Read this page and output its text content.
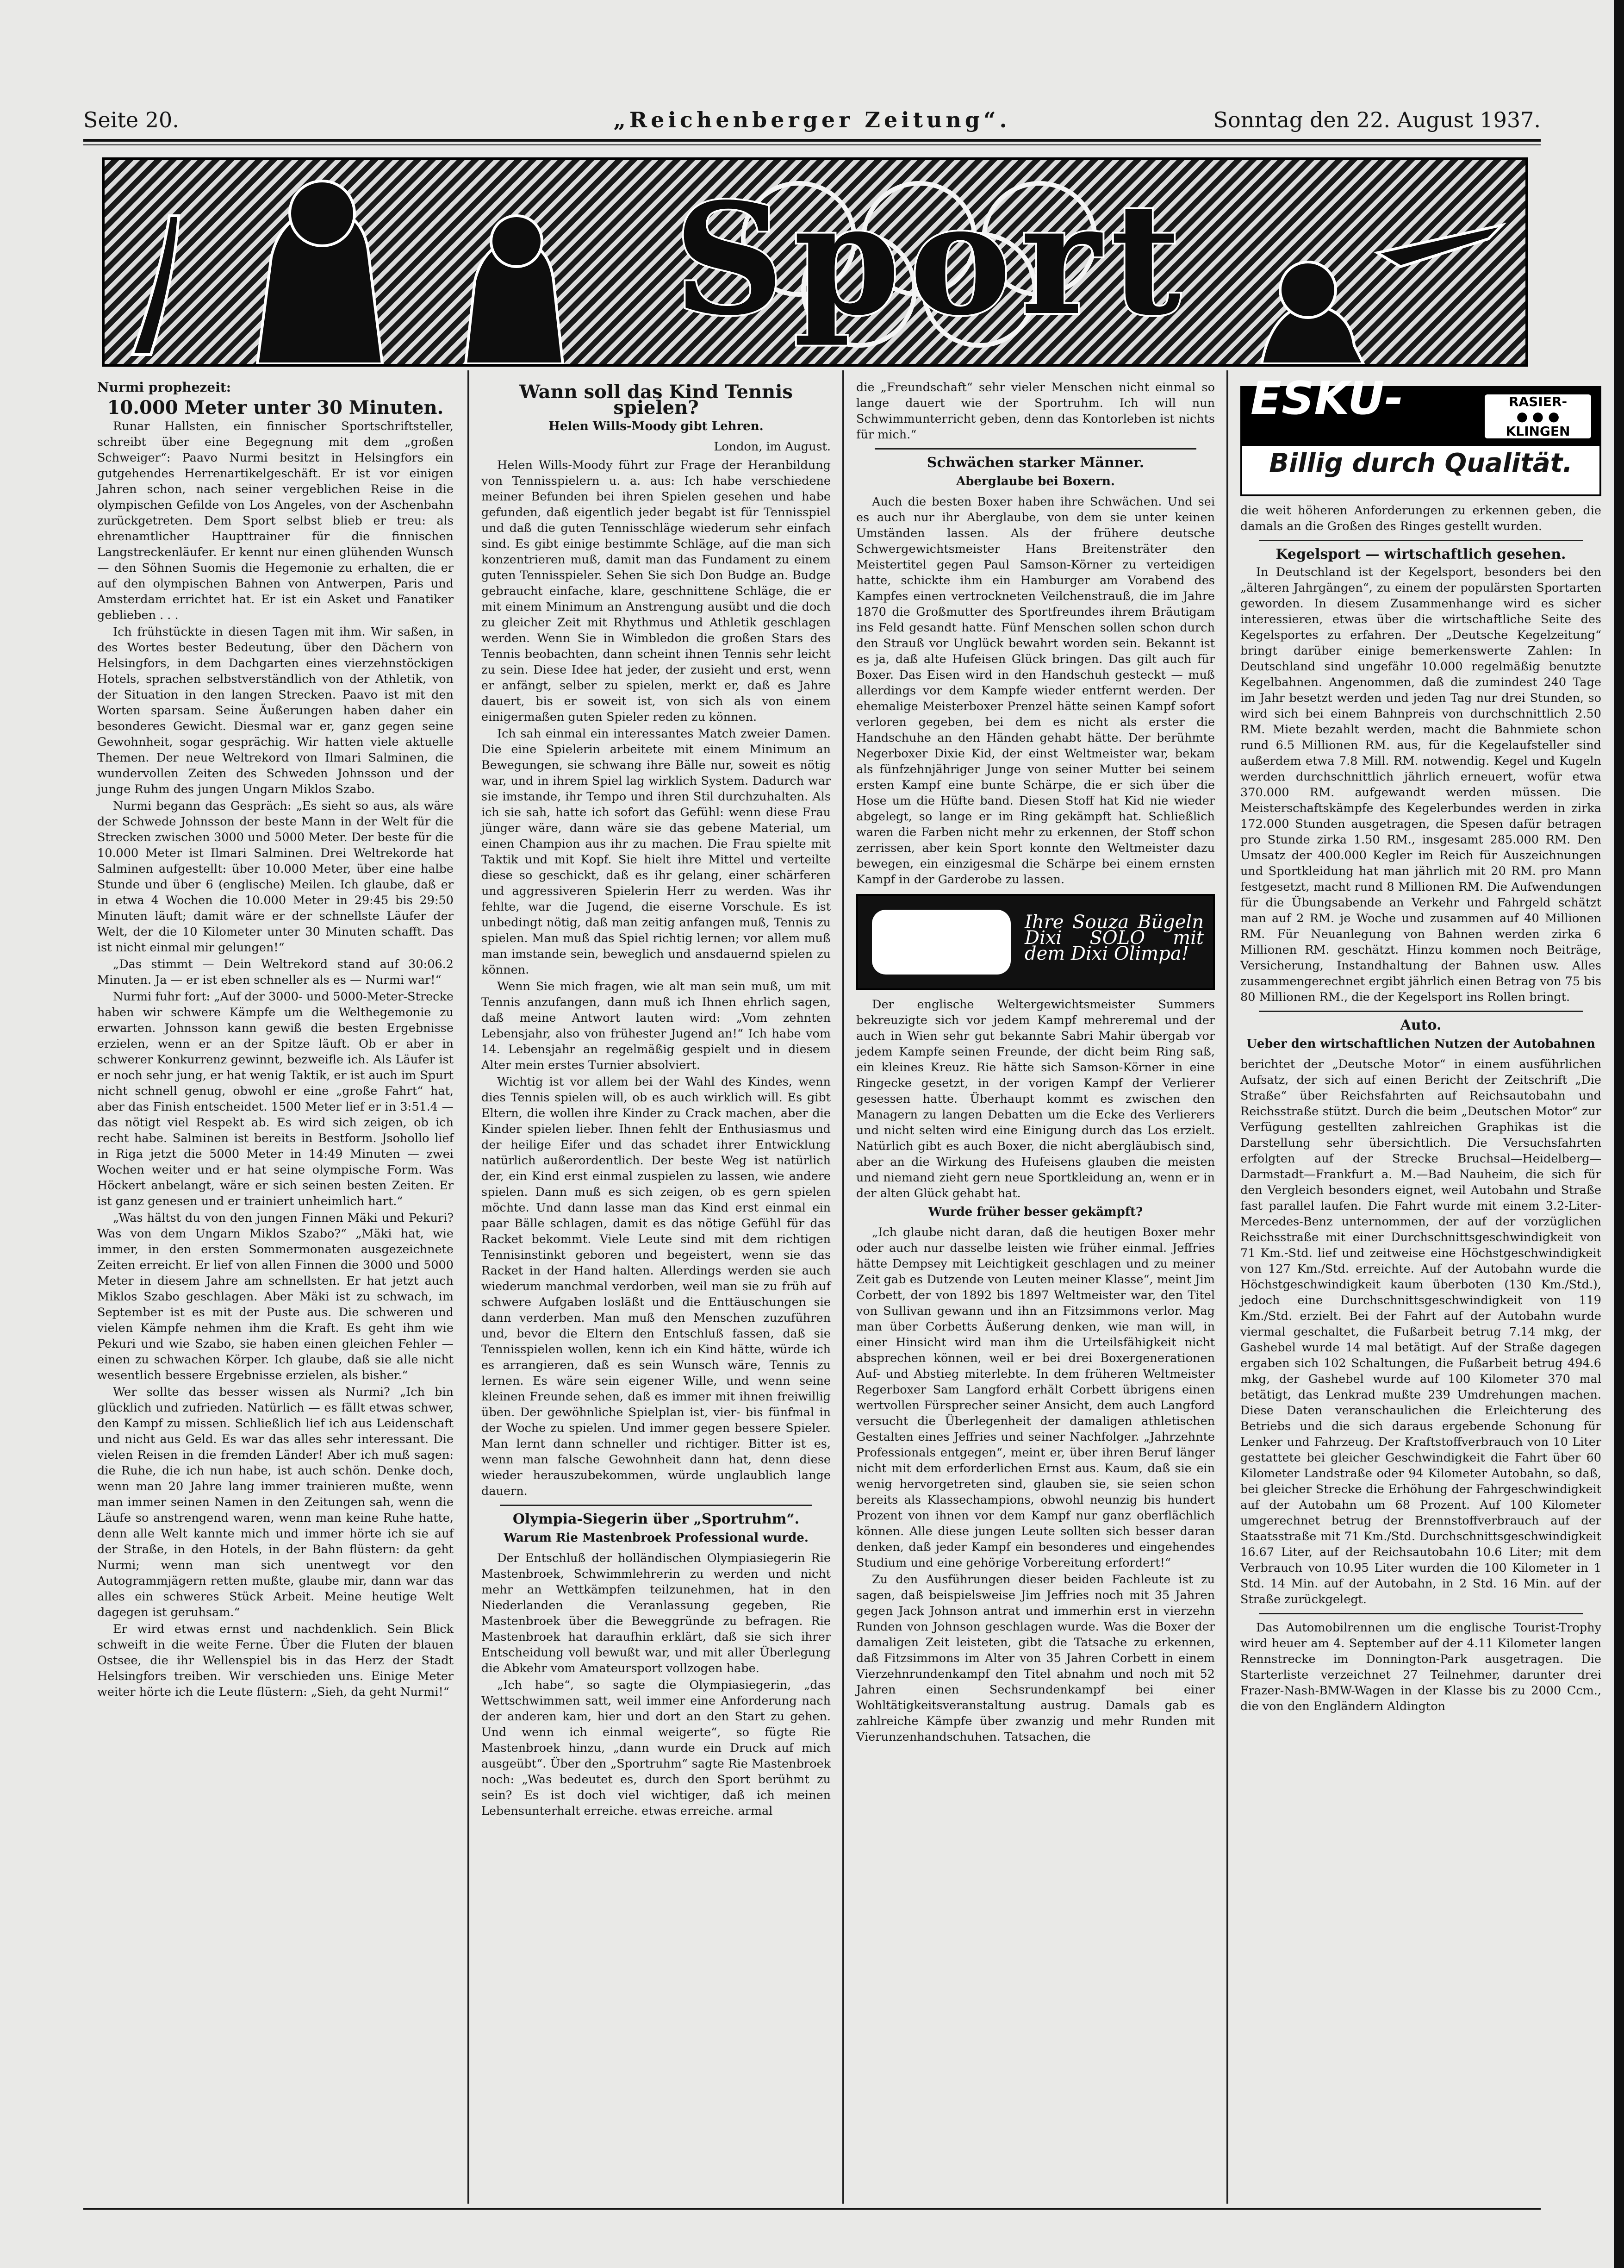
Seite 20.	„Reichenberger Zeitung“.	Sonntag den 22. August 1937.
Sport
Nurmi prophezeit:
10.000 Meter unter 30 Minuten.

Runar Hallsten, ein finnischer Sportschriftsteller, schreibt über eine Begegnung mit dem „großen Schweiger“: Paavo Nurmi besitzt in Helsingfors ein gutgehendes Herrenartikelgeschäft. Er ist vor einigen Jahren schon, nach seiner vergeblichen Reise in die olympischen Gefilde von Los Angeles, von der Aschenbahn zurückgetreten. Dem Sport selbst blieb er treu: als ehrenamtlicher Haupttrainer für die finnischen Langstreckenläufer. Er kennt nur einen glühenden Wunsch — den Söhnen Suomis die Hegemonie zu erhalten, die er auf den olympischen Bahnen von Antwerpen, Paris und Amsterdam errichtet hat. Er ist ein Asket und Fanatiker geblieben . . .

Ich frühstückte in diesen Tagen mit ihm. Wir saßen, in des Wortes bester Bedeutung, über den Dächern von Helsingfors, in dem Dachgarten eines vierzehnstöckigen Hotels, sprachen selbstverständlich von der Athletik, von der Situation in den langen Strecken. Paavo ist mit den Worten sparsam. Seine Äußerungen haben daher ein besonderes Gewicht. Diesmal war er, ganz gegen seine Gewohnheit, sogar gesprächig. Wir hatten viele aktuelle Themen. Der neue Weltrekord von Ilmari Salminen, die wundervollen Zeiten des Schweden Johnsson und der junge Ruhm des jungen Ungarn Miklos Szabo.

Nurmi begann das Gespräch: „Es sieht so aus, als wäre der Schwede Johnsson der beste Mann in der Welt für die Strecken zwischen 3000 und 5000 Meter. Der beste für die 10.000 Meter ist Ilmari Salminen. Drei Weltrekorde hat Salminen aufgestellt: über 10.000 Meter, über eine halbe Stunde und über 6 (englische) Meilen. Ich glaube, daß er in etwa 4 Wochen die 10.000 Meter in 29:45 bis 29:50 Minuten läuft; damit wäre er der schnellste Läufer der Welt, der die 10 Kilometer unter 30 Minuten schafft. Das ist nicht einmal mir gelungen!“

„Das stimmt — Dein Weltrekord stand auf 30:06.2 Minuten. Ja — er ist eben schneller als es — Nurmi war!“

Nurmi fuhr fort: „Auf der 3000- und 5000-Meter-Strecke haben wir schwere Kämpfe um die Welthegemonie zu erwarten. Johnsson kann gewiß die besten Ergebnisse erzielen, wenn er an der Spitze läuft. Ob er aber in schwerer Konkurrenz gewinnt, bezweifle ich. Als Läufer ist er noch sehr jung, er hat wenig Taktik, er ist auch im Spurt nicht schnell genug, obwohl er eine „große Fahrt“ hat, aber das Finish entscheidet. 1500 Meter lief er in 3:51.4 — das nötigt viel Respekt ab. Es wird sich zeigen, ob ich recht habe. Salminen ist bereits in Bestform. Jsohollo lief in Riga jetzt die 5000 Meter in 14:49 Minuten — zwei Wochen weiter und er hat seine olympische Form. Was Höckert anbelangt, wäre er sich seinen besten Zeiten. Er ist ganz genesen und er trainiert unheimlich hart.“

„Was hältst du von den jungen Finnen Mäki und Pekuri? Was von dem Ungarn Miklos Szabo?“ „Mäki hat, wie immer, in den ersten Sommermonaten ausgezeichnete Zeiten erreicht. Er lief von allen Finnen die 3000 und 5000 Meter in diesem Jahre am schnellsten. Er hat jetzt auch Miklos Szabo geschlagen. Aber Mäki ist zu schwach, im September ist es mit der Puste aus. Die schweren und vielen Kämpfe nehmen ihm die Kraft. Es geht ihm wie Pekuri und wie Szabo, sie haben einen gleichen Fehler — einen zu schwachen Körper. Ich glaube, daß sie alle nicht wesentlich bessere Ergebnisse erzielen, als bisher.“

Wer sollte das besser wissen als Nurmi? „Ich bin glücklich und zufrieden. Natürlich — es fällt etwas schwer, den Kampf zu missen. Schließlich lief ich aus Leidenschaft und nicht aus Geld. Es war das alles sehr interessant. Die vielen Reisen in die fremden Länder! Aber ich muß sagen: die Ruhe, die ich nun habe, ist auch schön. Denke doch, wenn man 20 Jahre lang immer trainieren mußte, wenn man immer seinen Namen in den Zeitungen sah, wenn die Läufe so anstrengend waren, wenn man keine Ruhe hatte, denn alle Welt kannte mich und immer hörte ich sie auf der Straße, in den Hotels, in der Bahn flüstern: da geht Nurmi; wenn man sich unentwegt vor den Autogrammjägern retten mußte, glaube mir, dann war das alles ein schweres Stück Arbeit. Meine heutige Welt dagegen ist geruhsam.“

Er wird etwas ernst und nachdenklich. Sein Blick schweift in die weite Ferne. Über die Fluten der blauen Ostsee, die ihr Wellenspiel bis in das Herz der Stadt Helsingfors treiben. Wir verschieden uns. Einige Meter weiter hörte ich die Leute flüstern: „Sieh, da geht Nurmi!“

Wann soll das Kind Tennis spielen?
Helen Wills-Moody gibt Lehren.
London, im August.

Helen Wills-Moody führt zur Frage der Heranbildung von Tennisspielern u. a. aus: Ich habe verschiedene meiner Befunden bei ihren Spielen gesehen und habe gefunden, daß eigentlich jeder begabt ist für Tennisspiel und daß die guten Tennisschläge wiederum sehr einfach sind. Es gibt einige bestimmte Schläge, auf die man sich konzentrieren muß, damit man das Fundament zu einem guten Tennisspieler. Sehen Sie sich Don Budge an. Budge gebraucht einfache, klare, geschnittene Schläge, die er mit einem Minimum an Anstrengung ausübt und die doch zu gleicher Zeit mit Rhythmus und Athletik geschlagen werden. Wenn Sie in Wimbledon die großen Stars des Tennis beobachten, dann scheint ihnen Tennis sehr leicht zu sein. Diese Idee hat jeder, der zusieht und erst, wenn er anfängt, selber zu spielen, merkt er, daß es Jahre dauert, bis er soweit ist, von sich als von einem einigermaßen guten Spieler reden zu können.

Ich sah einmal ein interessantes Match zweier Damen. Die eine Spielerin arbeitete mit einem Minimum an Bewegungen, sie schwang ihre Bälle nur, soweit es nötig war, und in ihrem Spiel lag wirklich System. Dadurch war sie imstande, ihr Tempo und ihren Stil durchzuhalten. Als ich sie sah, hatte ich sofort das Gefühl: wenn diese Frau jünger wäre, dann wäre sie das gebene Material, um einen Champion aus ihr zu machen. Die Frau spielte mit Taktik und mit Kopf. Sie hielt ihre Mittel und verteilte diese so geschickt, daß es ihr gelang, einer schärferen und aggressiveren Spielerin Herr zu werden. Was ihr fehlte, war die Jugend, die eiserne Vorschule. Es ist unbedingt nötig, daß man zeitig anfangen muß, Tennis zu spielen. Man muß das Spiel richtig lernen; vor allem muß man imstande sein, beweglich und ansdauernd spielen zu können.

Wenn Sie mich fragen, wie alt man sein muß, um mit Tennis anzufangen, dann muß ich Ihnen ehrlich sagen, daß meine Antwort lauten wird: „Vom zehnten Lebensjahr, also von frühester Jugend an!“ Ich habe vom 14. Lebensjahr an regelmäßig gespielt und in diesem Alter mein erstes Turnier absolviert.

Wichtig ist vor allem bei der Wahl des Kindes, wenn dies Tennis spielen will, ob es auch wirklich will. Es gibt Eltern, die wollen ihre Kinder zu Crack machen, aber die Kinder spielen lieber. Ihnen fehlt der Enthusiasmus und der heilige Eifer und das schadet ihrer Entwicklung natürlich außerordentlich. Der beste Weg ist natürlich der, ein Kind erst einmal zuspielen zu lassen, wie andere spielen. Dann muß es sich zeigen, ob es gern spielen möchte. Und dann lasse man das Kind erst einmal ein paar Bälle schlagen, damit es das nötige Gefühl für das Racket bekommt. Viele Leute sind mit dem richtigen Tennisinstinkt geboren und begeistert, wenn sie das Racket in der Hand halten. Allerdings werden sie auch wiederum manchmal verdorben, weil man sie zu früh auf schwere Aufgaben losläßt und die Enttäuschungen sie dann verderben. Man muß den Menschen zuzuführen und, bevor die Eltern den Entschluß fassen, daß sie Tennisspielen wollen, kenn ich ein Kind hätte, würde ich es arrangieren, daß es sein Wunsch wäre, Tennis zu lernen. Es wäre sein eigener Wille, und wenn seine kleinen Freunde sehen, daß es immer mit ihnen freiwillig üben. Der gewöhnliche Spielplan ist, vier- bis fünfmal in der Woche zu spielen. Und immer gegen bessere Spieler. Man lernt dann schneller und richtiger. Bitter ist es, wenn man falsche Gewohnheit dann hat, denn diese wieder herauszubekommen, würde unglaublich lange dauern.

Olympia-Siegerin über „Sportruhm“.
Warum Rie Mastenbroek Professional wurde.

Der Entschluß der holländischen Olympiasiegerin Rie Mastenbroek, Schwimmlehrerin zu werden und nicht mehr an Wettkämpfen teilzunehmen, hat in den Niederlanden die Veranlassung gegeben, Rie Mastenbroek über die Beweggründe zu befragen. Rie Mastenbroek hat daraufhin erklärt, daß sie sich ihrer Entscheidung voll bewußt war, und mit aller Überlegung die Abkehr vom Amateursport vollzogen habe.

„Ich habe“, so sagte die Olympiasiegerin, „das Wettschwimmen satt, weil immer eine Anforderung nach der anderen kam, hier und dort an den Start zu gehen. Und wenn ich einmal weigerte“, so fügte Rie Mastenbroek hinzu, „dann wurde ein Druck auf mich ausgeübt“. Über den „Sportruhm“ sagte Rie Mastenbroek noch: „Was bedeutet es, durch den Sport berühmt zu sein? Es ist doch viel wichtiger, daß ich meinen Lebensunterhalt erreiche. etwas erreiche. armal

die „Freundschaft“ sehr vieler Menschen nicht einmal so lange dauert wie der Sportruhm. Ich will nun Schwimmunterricht geben, denn das Kontorleben ist nichts für mich.“

Schwächen starker Männer.
Aberglaube bei Boxern.

Auch die besten Boxer haben ihre Schwächen. Und sei es auch nur ihr Aberglaube, von dem sie unter keinen Umständen lassen. Als der frühere deutsche Schwergewichtsmeister Hans Breitensträter den Meistertitel gegen Paul Samson-Körner zu verteidigen hatte, schickte ihm ein Hamburger am Vorabend des Kampfes einen vertrockneten Veilchenstrauß, die im Jahre 1870 die Großmutter des Sportfreundes ihrem Bräutigam ins Feld gesandt hatte. Fünf Menschen sollen schon durch den Strauß vor Unglück bewahrt worden sein. Bekannt ist es ja, daß alte Hufeisen Glück bringen. Das gilt auch für Boxer. Das Eisen wird in den Handschuh gesteckt — muß allerdings vor dem Kampfe wieder entfernt werden. Der ehemalige Meisterboxer Prenzel hätte seinen Kampf sofort verloren gegeben, bei dem es nicht als erster die Handschuhe an den Händen gehabt hätte. Der berühmte Negerboxer Dixie Kid, der einst Weltmeister war, bekam als fünfzehnjähriger Junge von seiner Mutter bei seinem ersten Kampf eine bunte Schärpe, die er sich über die Hose um die Hüfte band. Diesen Stoff hat Kid nie wieder abgelegt, so lange er im Ring gekämpft hat. Schließlich waren die Farben nicht mehr zu erkennen, der Stoff schon zerrissen, aber kein Sport konnte den Weltmeister dazu bewegen, ein einzigesmal die Schärpe bei einem ernsten Kampf in der Garderobe zu lassen.

Ihre Souza Bügeln Dixi SOLO mit dem Dixi Olimpa!

Der englische Weltergewichtsmeister Summers bekreuzigte sich vor jedem Kampf mehreremal und der auch in Wien sehr gut bekannte Sabri Mahir übergab vor jedem Kampfe seinen Freunde, der dicht beim Ring saß, ein kleines Kreuz. Rie hätte sich Samson-Körner in eine Ringecke gesetzt, in der vorigen Kampf der Verlierer gesessen hatte. Überhaupt kommt es zwischen den Managern zu langen Debatten um die Ecke des Verlierers und nicht selten wird eine Einigung durch das Los erzielt. Natürlich gibt es auch Boxer, die nicht abergläubisch sind, aber an die Wirkung des Hufeisens glauben die meisten und niemand zieht gern neue Sportkleidung an, wenn er in der alten Glück gehabt hat.

Wurde früher besser gekämpft?

„Ich glaube nicht daran, daß die heutigen Boxer mehr oder auch nur dasselbe leisten wie früher einmal. Jeffries hätte Dempsey mit Leichtigkeit geschlagen und zu meiner Zeit gab es Dutzende von Leuten meiner Klasse“, meint Jim Corbett, der von 1892 bis 1897 Weltmeister war, den Titel von Sullivan gewann und ihn an Fitzsimmons verlor. Mag man über Corbetts Äußerung denken, wie man will, in einer Hinsicht wird man ihm die Urteilsfähigkeit nicht absprechen können, weil er bei drei Boxergenerationen Auf- und Abstieg miterlebte. In dem früheren Weltmeister Regerboxer Sam Langford erhält Corbett übrigens einen wertvollen Fürsprecher seiner Ansicht, dem auch Langford versucht die Überlegenheit der damaligen athletischen Gestalten eines Jeffries und seiner Nachfolger. „Jahrzehnte Professionals entgegen“, meint er, über ihren Beruf länger nicht mit dem erforderlichen Ernst aus. Kaum, daß sie ein wenig hervorgetreten sind, glauben sie, sie seien schon bereits als Klassechampions, obwohl neunzig bis hundert Prozent von ihnen vor dem Kampf nur ganz oberflächlich können. Alle diese jungen Leute sollten sich besser daran denken, daß jeder Kampf ein besonderes und eingehendes Studium und eine gehörige Vorbereitung erfordert!“

Zu den Ausführungen dieser beiden Fachleute ist zu sagen, daß beispielsweise Jim Jeffries noch mit 35 Jahren gegen Jack Johnson antrat und immerhin erst in vierzehn Runden von Johnson geschlagen wurde. Was die Boxer der damaligen Zeit leisteten, gibt die Tatsache zu erkennen, daß Fitzsimmons im Alter von 35 Jahren Corbett in einem Vierzehnrundenkampf den Titel abnahm und noch mit 52 Jahren einen Sechsrundenkampf bei einer Wohltätigkeitsveranstaltung austrug. Damals gab es zahlreiche Kämpfe über zwanzig und mehr Runden mit Vierunzenhandschuhen. Tatsachen, die

ESKU-	RASIER-
● ● ●
KLINGEN
Billig durch Qualität.

die weit höheren Anforderungen zu erkennen geben, die damals an die Großen des Ringes gestellt wurden.

Kegelsport — wirtschaftlich gesehen.

In Deutschland ist der Kegelsport, besonders bei den „älteren Jahrgängen“, zu einem der populärsten Sportarten geworden. In diesem Zusammenhange wird es sicher interessieren, etwas über die wirtschaftliche Seite des Kegelsportes zu erfahren. Der „Deutsche Kegelzeitung“ bringt darüber einige bemerkenswerte Zahlen: In Deutschland sind ungefähr 10.000 regelmäßig benutzte Kegelbahnen. Angenommen, daß die zumindest 240 Tage im Jahr besetzt werden und jeden Tag nur drei Stunden, so wird sich bei einem Bahnpreis von durchschnittlich 2.50 RM. Miete bezahlt werden, macht die Bahnmiete schon rund 6.5 Millionen RM. aus, für die Kegelaufsteller sind außerdem etwa 7.8 Mill. RM. notwendig. Kegel und Kugeln werden durchschnittlich jährlich erneuert, wofür etwa 370.000 RM. aufgewandt werden müssen. Die Meisterschaftskämpfe des Kegelerbundes werden in zirka 172.000 Stunden ausgetragen, die Spesen dafür betragen pro Stunde zirka 1.50 RM., insgesamt 285.000 RM. Den Umsatz der 400.000 Kegler im Reich für Auszeichnungen und Sportkleidung hat man jährlich mit 20 RM. pro Mann festgesetzt, macht rund 8 Millionen RM. Die Aufwendungen für die Übungsabende an Verkehr und Fahrgeld schätzt man auf 2 RM. je Woche und zusammen auf 40 Millionen RM. Für Neuanlegung von Bahnen werden zirka 6 Millionen RM. geschätzt. Hinzu kommen noch Beiträge, Versicherung, Instandhaltung der Bahnen usw. Alles zusammengerechnet ergibt jährlich einen Betrag von 75 bis 80 Millionen RM., die der Kegelsport ins Rollen bringt.

Auto.
Ueber den wirtschaftlichen Nutzen der Autobahnen

berichtet der „Deutsche Motor“ in einem ausführlichen Aufsatz, der sich auf einen Bericht der Zeitschrift „Die Straße“ über Reichsfahrten auf Reichsautobahn und Reichsstraße stützt. Durch die beim „Deutschen Motor“ zur Verfügung gestellten zahlreichen Graphikas ist die Darstellung sehr übersichtlich. Die Versuchsfahrten erfolgten auf der Strecke Bruchsal—Heidelberg—Darmstadt—Frankfurt a. M.—Bad Nauheim, die sich für den Vergleich besonders eignet, weil Autobahn und Straße fast parallel laufen. Die Fahrt wurde mit einem 3.2-Liter-Mercedes-Benz unternommen, der auf der vorzüglichen Reichsstraße mit einer Durchschnittsgeschwindigkeit von 71 Km.-Std. lief und zeitweise eine Höchstgeschwindigkeit von 127 Km./Std. erreichte. Auf der Autobahn wurde die Höchstgeschwindigkeit kaum überboten (130 Km./Std.), jedoch eine Durchschnittsgeschwindigkeit von 119 Km./Std. erzielt. Bei der Fahrt auf der Autobahn wurde viermal geschaltet, die Fußarbeit betrug 7.14 mkg, der Gashebel wurde 14 mal betätigt. Auf der Straße dagegen ergaben sich 102 Schaltungen, die Fußarbeit betrug 494.6 mkg, der Gashebel wurde auf 100 Kilometer 370 mal betätigt, das Lenkrad mußte 239 Umdrehungen machen. Diese Daten veranschaulichen die Erleichterung des Betriebs und die sich daraus ergebende Schonung für Lenker und Fahrzeug. Der Kraftstoffverbrauch von 10 Liter gestattete bei gleicher Geschwindigkeit die Fahrt über 60 Kilometer Landstraße oder 94 Kilometer Autobahn, so daß, bei gleicher Strecke die Erhöhung der Fahrgeschwindigkeit auf der Autobahn um 68 Prozent. Auf 100 Kilometer umgerechnet betrug der Brennstoffverbrauch auf der Staatsstraße mit 71 Km./Std. Durchschnittsgeschwindigkeit 16.67 Liter, auf der Reichsautobahn 10.6 Liter; mit dem Verbrauch von 10.95 Liter wurden die 100 Kilometer in 1 Std. 14 Min. auf der Autobahn, in 2 Std. 16 Min. auf der Straße zurückgelegt.

Das Automobilrennen um die englische Tourist-Trophy wird heuer am 4. September auf der 4.11 Kilometer langen Rennstrecke im Donnington-Park ausgetragen. Die Starterliste verzeichnet 27 Teilnehmer, darunter drei Frazer-Nash-BMW-Wagen in der Klasse bis zu 2000 Ccm., die von den Engländern Aldington
